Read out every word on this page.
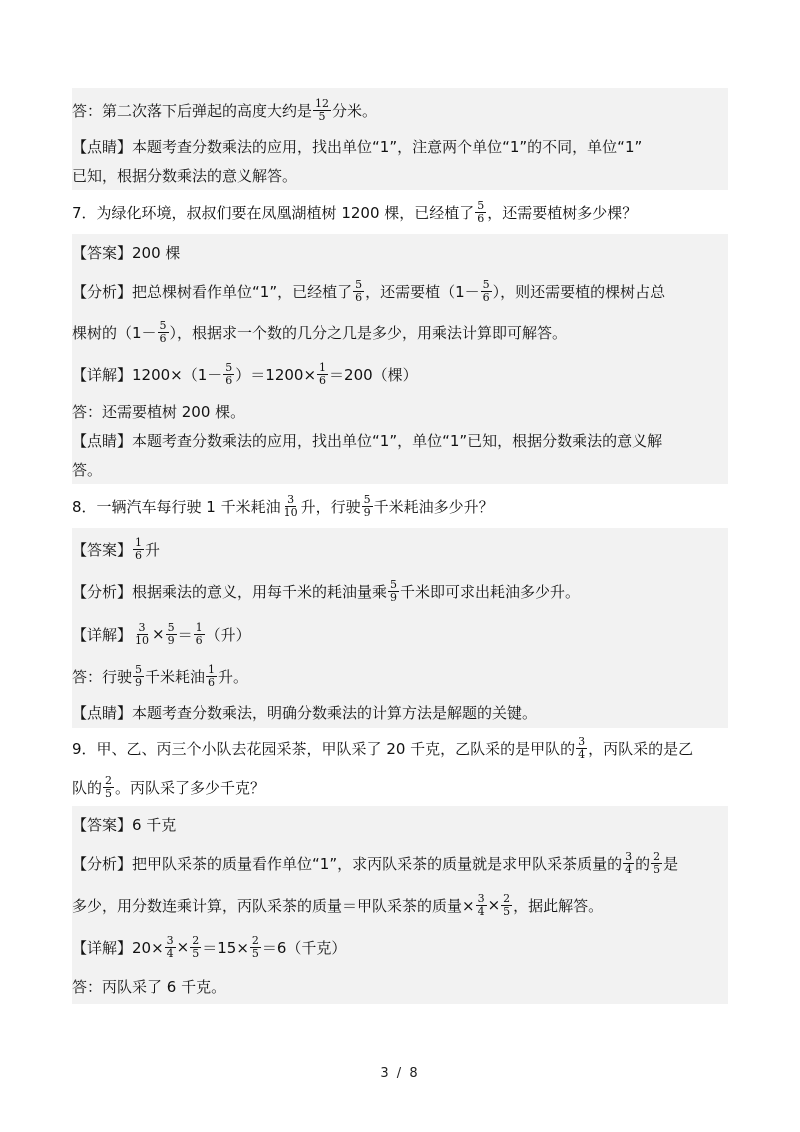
答：第二次落下后弹起的高度大约是 $\frac{12}{5}$ 分米。
【点睛】本题考查分数乘法的应用，找出单位“1”，注意两个单位“1”的不同，单位“1”
已知，根据分数乘法的意义解答。
7．为绿化环境，叔叔们要在凤凰湖植树 1200 棵，已经植了 $\frac{5}{6}$ ，还需要植树多少棵？
【答案】200 棵
【分析】把总棵树看作单位“1”，已经植了 $\frac{5}{6}$ ，还需要植（$1- \frac{5}{6}$ ），则还需要植的棵树占总
棵树的（$1- \frac{5}{6}$ ），根据求一个数的几分之几是多少，用乘法计算即可解答。
【详解】$1200\times(1- \frac{5}{6} )=1200\times \frac{1}{6} =200$（棵）
答：还需要植树 200 棵。
【点睛】本题考查分数乘法的应用，找出单位“1”，单位“1”已知，根据分数乘法的意义解
答。
8．一辆汽车每行驶 1 千米耗油 $\frac{3}{10}$ 升，行驶 $\frac{5}{9}$ 千米耗油多少升？
【答案】 $\frac{1}{6}$ 升
【分析】根据乘法的意义，用每千米的耗油量乘 $\frac{5}{9}$ 千米即可求出耗油多少升。
【详解】 $\frac{3}{10} \times \frac{5}{9} = \frac{1}{6}$ （升）
答：行驶 $\frac{5}{9}$ 千米耗油 $\frac{1}{6}$ 升。
【点睛】本题考查分数乘法，明确分数乘法的计算方法是解题的关键。
9．甲、乙、丙三个小队去花园采茶，甲队采了 20 千克，乙队采的是甲队的 $\frac{3}{4}$ ，丙队采的是乙
队的 $\frac{2}{5}$ 。丙队采了多少千克？
【答案】6 千克
【分析】把甲队采茶的质量看作单位“1”，求丙队采茶的质量就是求甲队采茶质量的 $\frac{3}{4}$ 的 $\frac{2}{5}$ 是
多少，用分数连乘计算，丙队采茶的质量＝甲队采茶的质量× $\frac{3}{4} \times \frac{2}{5}$ ，据此解答。
【详解】$20\times \frac{3}{4} \times \frac{2}{5} =15\times \frac{2}{5} =6$（千克）
答：丙队采了 6 千克。
3 / 8
